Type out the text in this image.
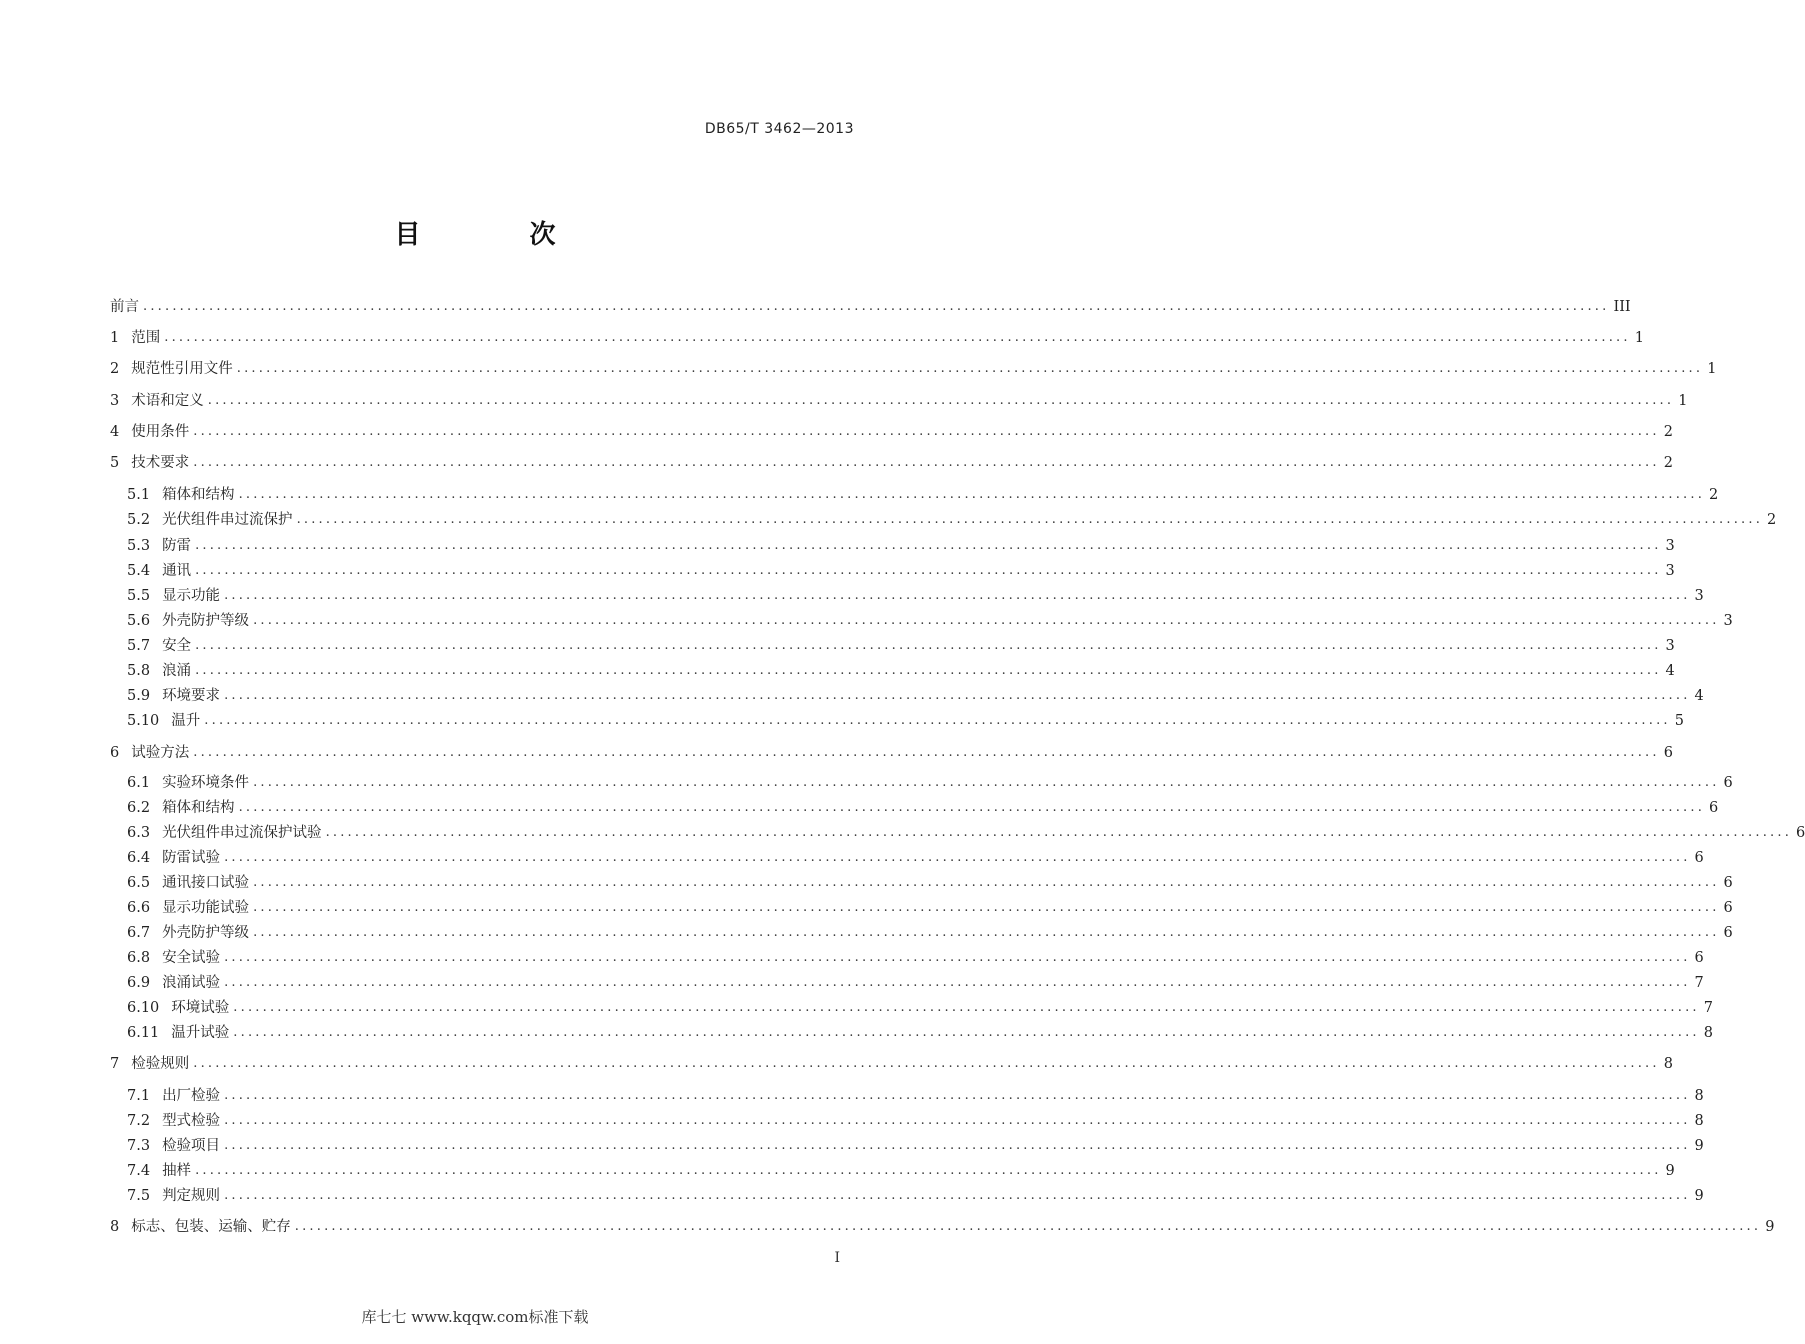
DB65/T 3462—2013
目 次
前言 ........................................................................................................................................................................................................ III
1 范围 ........................................................................................................................................................................................................ 1
2 规范性引用文件 ........................................................................................................................................................................................................ 1
3 术语和定义 ........................................................................................................................................................................................................ 1
4 使用条件 ........................................................................................................................................................................................................ 2
5 技术要求 ........................................................................................................................................................................................................ 2
5.1 箱体和结构 ........................................................................................................................................................................................................ 2
5.2 光伏组件串过流保护 ........................................................................................................................................................................................................ 2
5.3 防雷 ........................................................................................................................................................................................................ 3
5.4 通讯 ........................................................................................................................................................................................................ 3
5.5 显示功能 ........................................................................................................................................................................................................ 3
5.6 外壳防护等级 ........................................................................................................................................................................................................ 3
5.7 安全 ........................................................................................................................................................................................................ 3
5.8 浪涌 ........................................................................................................................................................................................................ 4
5.9 环境要求 ........................................................................................................................................................................................................ 4
5.10 温升 ........................................................................................................................................................................................................ 5
6 试验方法 ........................................................................................................................................................................................................ 6
6.1 实验环境条件 ........................................................................................................................................................................................................ 6
6.2 箱体和结构 ........................................................................................................................................................................................................ 6
6.3 光伏组件串过流保护试验 ........................................................................................................................................................................................................ 6
6.4 防雷试验 ........................................................................................................................................................................................................ 6
6.5 通讯接口试验 ........................................................................................................................................................................................................ 6
6.6 显示功能试验 ........................................................................................................................................................................................................ 6
6.7 外壳防护等级 ........................................................................................................................................................................................................ 6
6.8 安全试验 ........................................................................................................................................................................................................ 6
6.9 浪涌试验 ........................................................................................................................................................................................................ 7
6.10 环境试验 ........................................................................................................................................................................................................ 7
6.11 温升试验 ........................................................................................................................................................................................................ 8
7 检验规则 ........................................................................................................................................................................................................ 8
7.1 出厂检验 ........................................................................................................................................................................................................ 8
7.2 型式检验 ........................................................................................................................................................................................................ 8
7.3 检验项目 ........................................................................................................................................................................................................ 9
7.4 抽样 ........................................................................................................................................................................................................ 9
7.5 判定规则 ........................................................................................................................................................................................................ 9
8 标志、包装、运输、贮存 ........................................................................................................................................................................................................ 9
I
库七七 www.kqqw.com标准下载
